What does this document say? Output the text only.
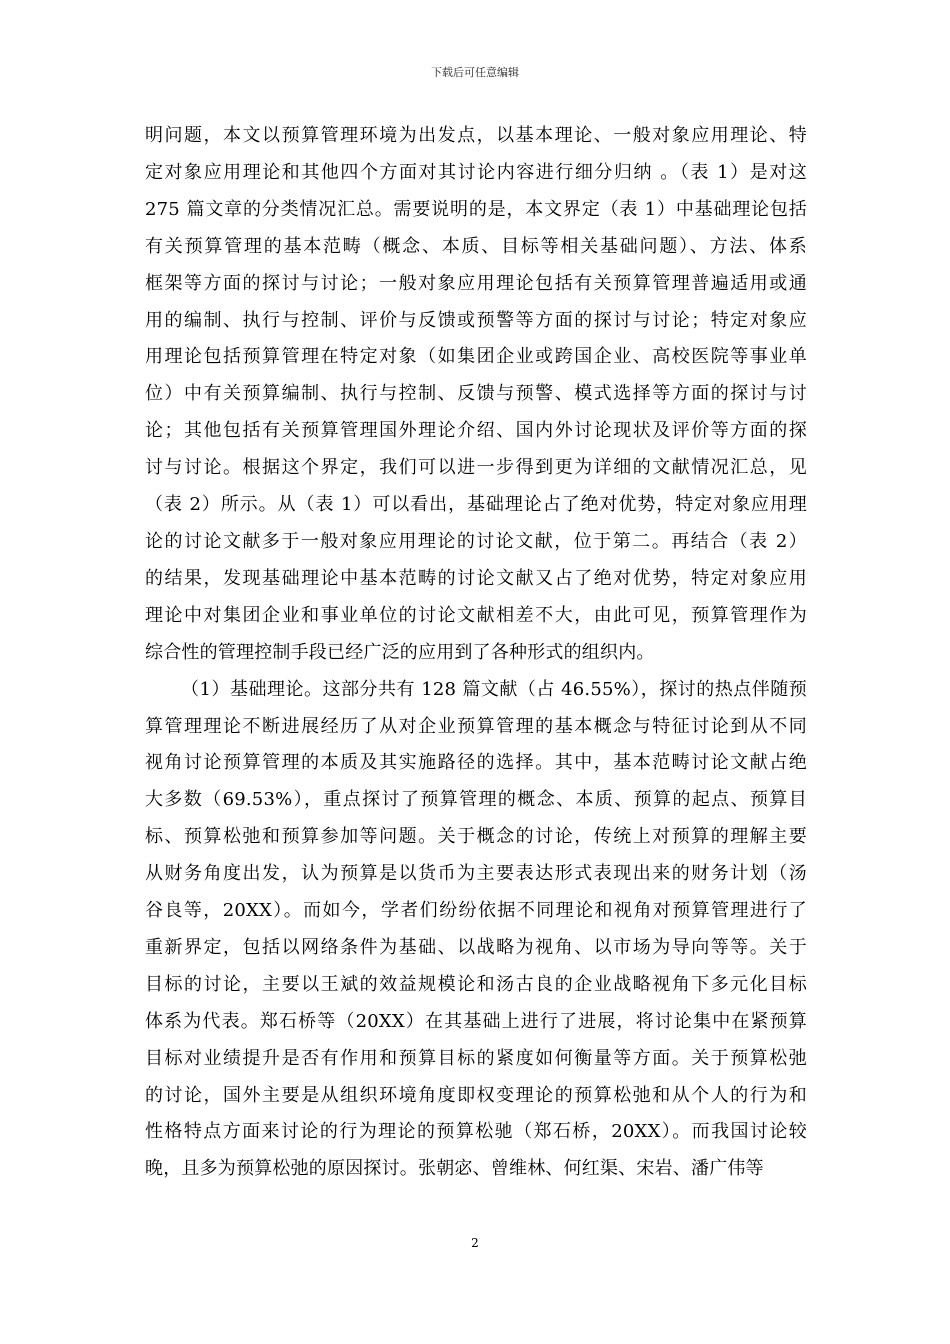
下载后可任意编辑

明问题，本文以预算管理环境为出发点，以基本理论、一般对象应用理论、特
定对象应用理论和其他四个方面对其讨论内容进行细分归纳 。（表 1）是对这
275 篇文章的分类情况汇总。需要说明的是，本文界定（表 1）中基础理论包括
有关预算管理的基本范畴（概念、本质、目标等相关基础问题）、方法、体系
框架等方面的探讨与讨论；一般对象应用理论包括有关预算管理普遍适用或通
用的编制、执行与控制、评价与反馈或预警等方面的探讨与讨论；特定对象应
用理论包括预算管理在特定对象（如集团企业或跨国企业、高校医院等事业单
位）中有关预算编制、执行与控制、反馈与预警、模式选择等方面的探讨与讨
论；其他包括有关预算管理国外理论介绍、国内外讨论现状及评价等方面的探
讨与讨论。根据这个界定，我们可以进一步得到更为详细的文献情况汇总，见
（表 2）所示。从（表 1）可以看出，基础理论占了绝对优势，特定对象应用理
论的讨论文献多于一般对象应用理论的讨论文献，位于第二。再结合（表 2）
的结果，发现基础理论中基本范畴的讨论文献又占了绝对优势，特定对象应用
理论中对集团企业和事业单位的讨论文献相差不大，由此可见，预算管理作为
综合性的管理控制手段已经广泛的应用到了各种形式的组织内。

（1）基础理论。这部分共有 128 篇文献（占 46.55%），探讨的热点伴随预
算管理理论不断进展经历了从对企业预算管理的基本概念与特征讨论到从不同
视角讨论预算管理的本质及其实施路径的选择。其中，基本范畴讨论文献占绝
大多数（69.53%），重点探讨了预算管理的概念、本质、预算的起点、预算目
标、预算松弛和预算参加等问题。关于概念的讨论，传统上对预算的理解主要
从财务角度出发，认为预算是以货币为主要表达形式表现出来的财务计划（汤
谷良等，20XX）。而如今，学者们纷纷依据不同理论和视角对预算管理进行了
重新界定，包括以网络条件为基础、以战略为视角、以市场为导向等等。关于
目标的讨论，主要以王斌的效益规模论和汤古良的企业战略视角下多元化目标
体系为代表。郑石桥等（20XX）在其基础上进行了进展，将讨论集中在紧预算
目标对业绩提升是否有作用和预算目标的紧度如何衡量等方面。关于预算松弛
的讨论，国外主要是从组织环境角度即权变理论的预算松弛和从个人的行为和
性格特点方面来讨论的行为理论的预算松驰（郑石桥，20XX）。而我国讨论较
晚，且多为预算松弛的原因探讨。张朝宓、曾维林、何红渠、宋岩、潘广伟等

2
